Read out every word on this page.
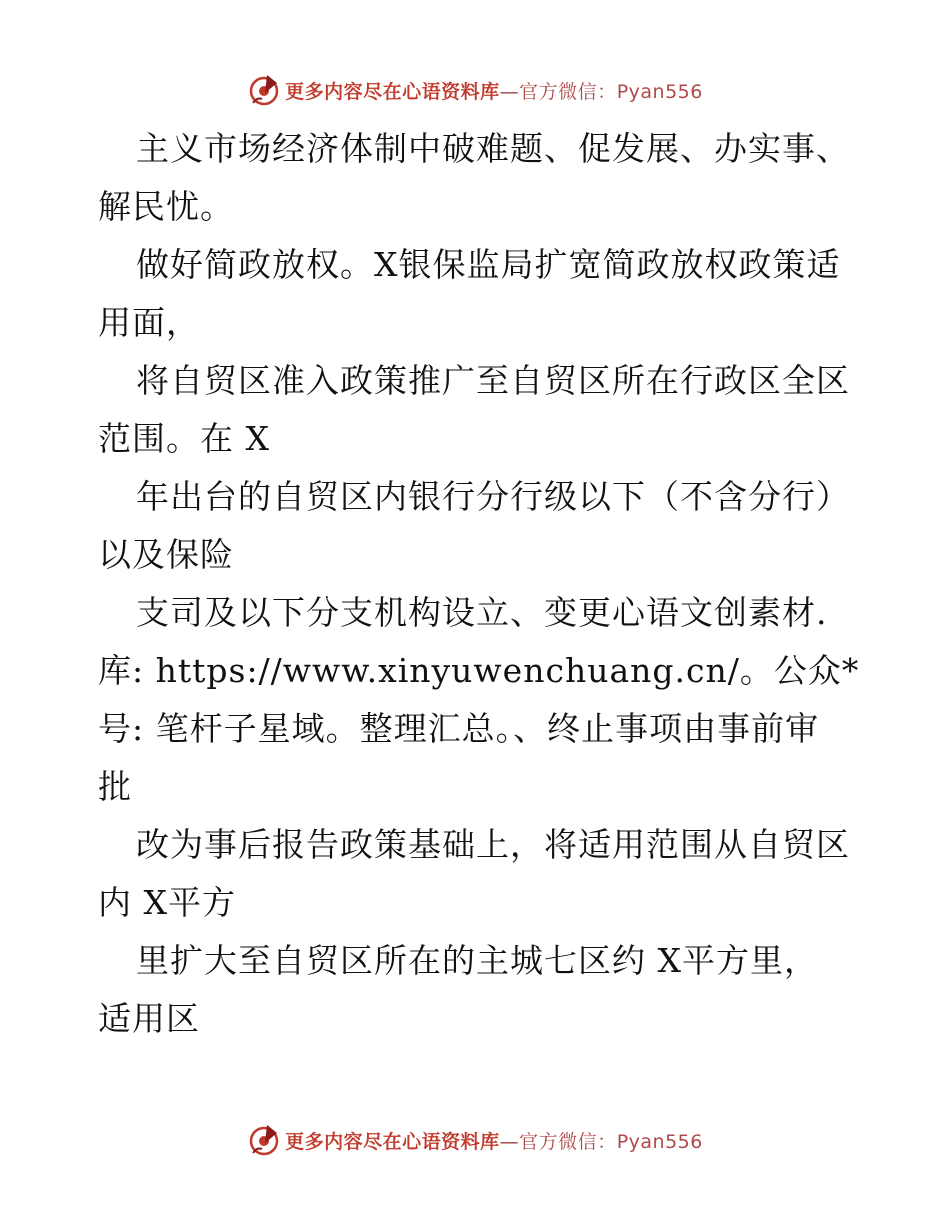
更多内容尽在心语资料库—官方微信：Pyan556
主义市场经济体制中破难题、促发展、办实事、
解民忧。
做好简政放权。X银保监局扩宽简政放权政策适
用面，
将自贸区准入政策推广至自贸区所在行政区全区
范围。在 X
年出台的自贸区内银行分行级以下（不含分行）
以及保险
支司及以下分支机构设立、变更心语文创素材.
库: https://www.xinyuwenchuang.cn/。公众*
号: 笔杆子星域。整理汇总。、终止事项由事前审
批
改为事后报告政策基础上，将适用范围从自贸区
内 X平方
里扩大至自贸区所在的主城七区约 X平方里，
适用区
更多内容尽在心语资料库—官方微信：Pyan556
